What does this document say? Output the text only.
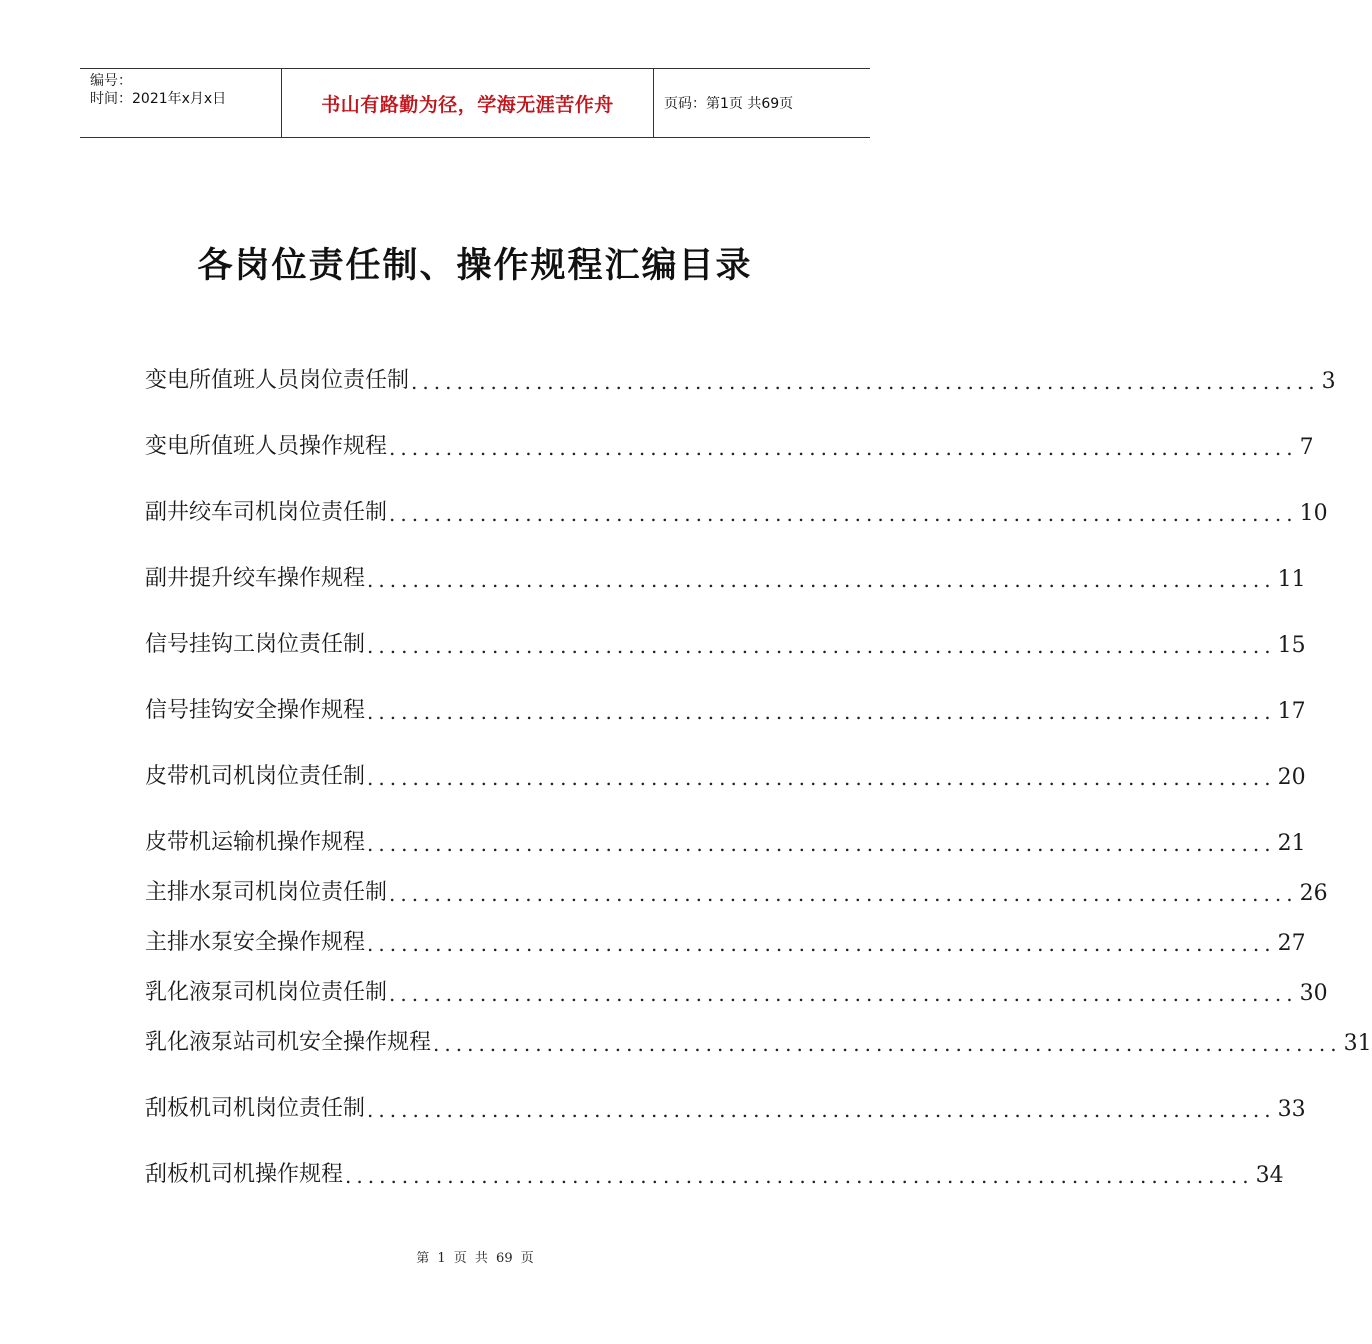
编号：
时间：2021年x月x日	书山有路勤为径，学海无涯苦作舟	页码：第1页 共69页
各岗位责任制、操作规程汇编目录
变电所值班人员岗位责任制 ................................................................................ 3
变电所值班人员操作规程 ................................................................................ 7
副井绞车司机岗位责任制 ................................................................................ 10
副井提升绞车操作规程 ................................................................................ 11
信号挂钩工岗位责任制 ................................................................................ 15
信号挂钩安全操作规程 ................................................................................ 17
皮带机司机岗位责任制 ................................................................................ 20
皮带机运输机操作规程 ................................................................................ 21
主排水泵司机岗位责任制 ................................................................................ 26
主排水泵安全操作规程 ................................................................................ 27
乳化液泵司机岗位责任制 ................................................................................ 30
乳化液泵站司机安全操作规程 ................................................................................ 31
刮板机司机岗位责任制 ................................................................................ 33
刮板机司机操作规程 ................................................................................ 34
第 1 页 共 69 页
